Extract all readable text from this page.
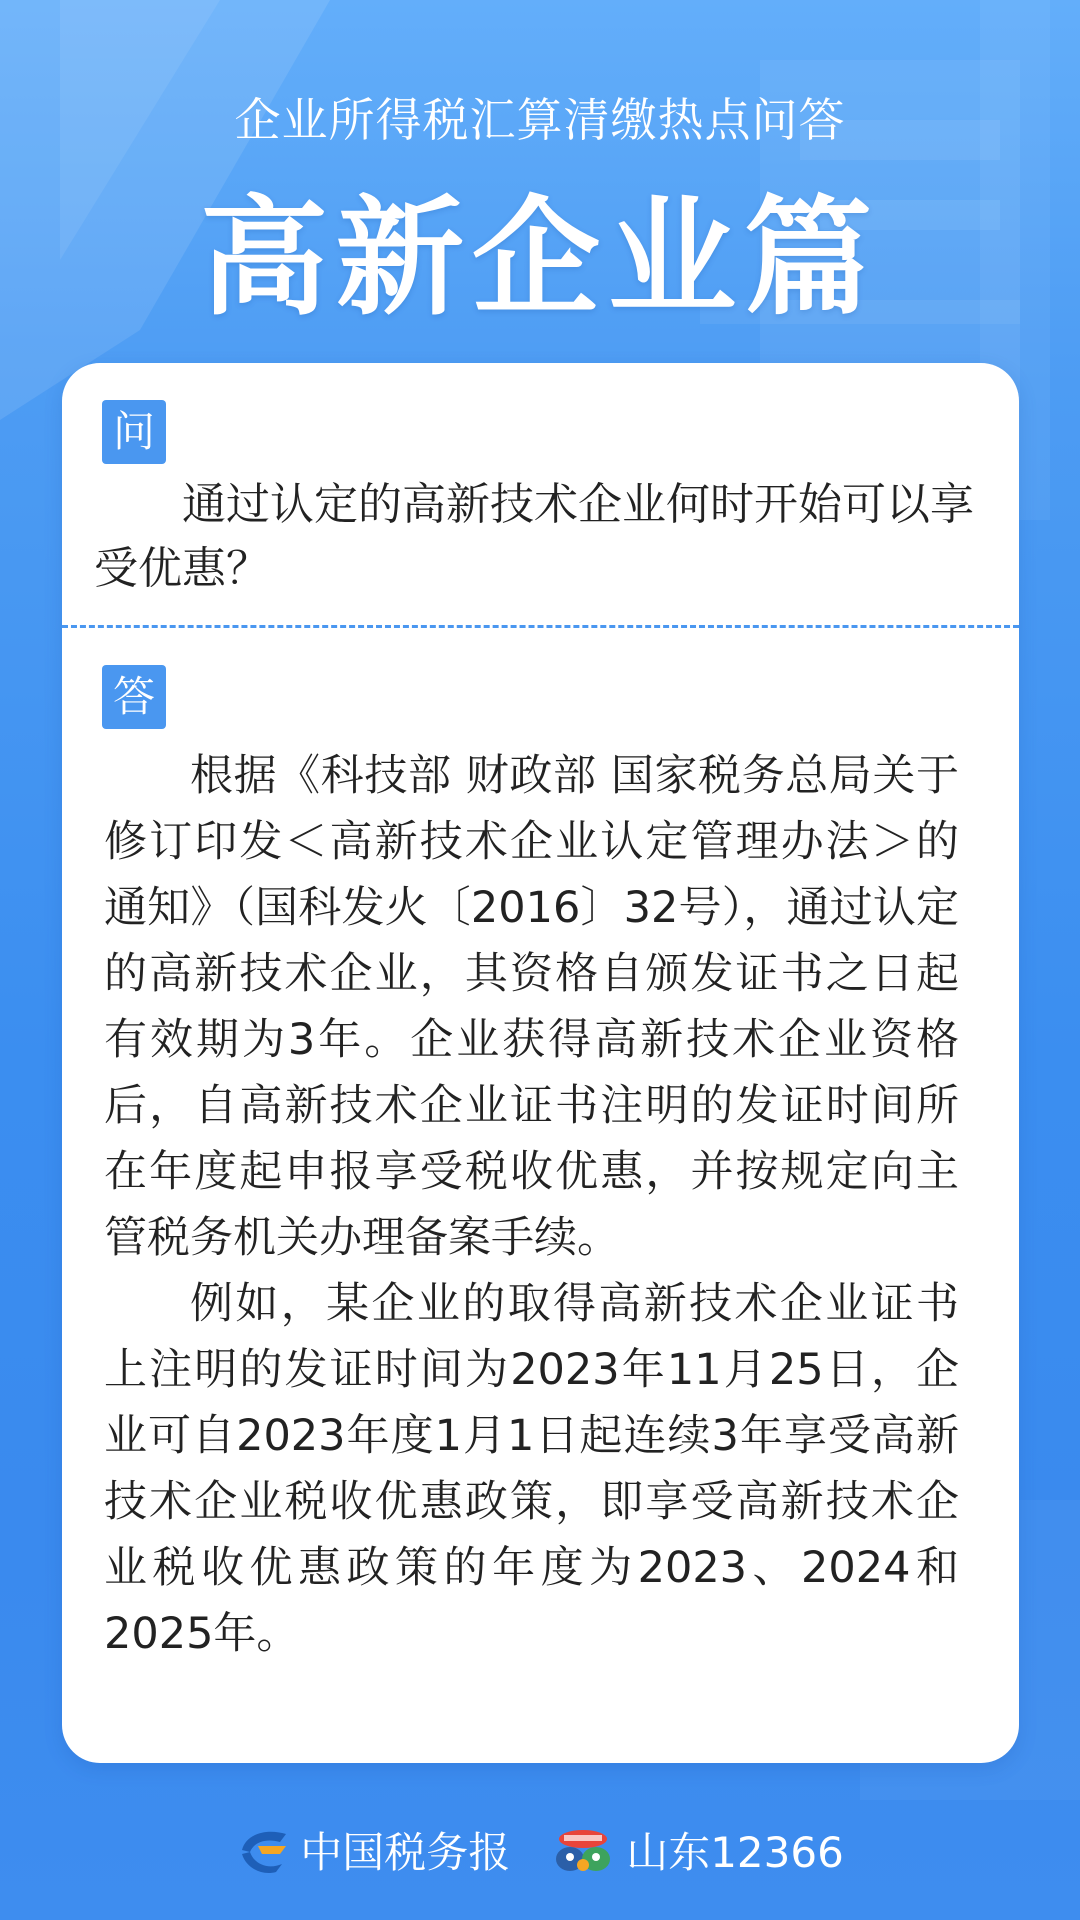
企业所得税汇算清缴热点问答
高新企业篇
问
通过认定的高新技术企业何时开始可以享受优惠？
答

根据《科技部 财政部 国家税务总局关于修订印发＜高新技术企业认定管理办法＞的通知》（国科发火〔2016〕32号），通过认定的高新技术企业，其资格自颁发证书之日起有效期为3年。企业获得高新技术企业资格后，自高新技术企业证书注明的发证时间所在年度起申报享受税收优惠，并按规定向主管税务机关办理备案手续。

例如，某企业的取得高新技术企业证书上注明的发证时间为2023年11月25日，企业可自2023年度1月1日起连续3年享受高新技术企业税收优惠政策，即享受高新技术企业税收优惠政策的年度为2023、2024和2025年。

中国税务报	山东12366
